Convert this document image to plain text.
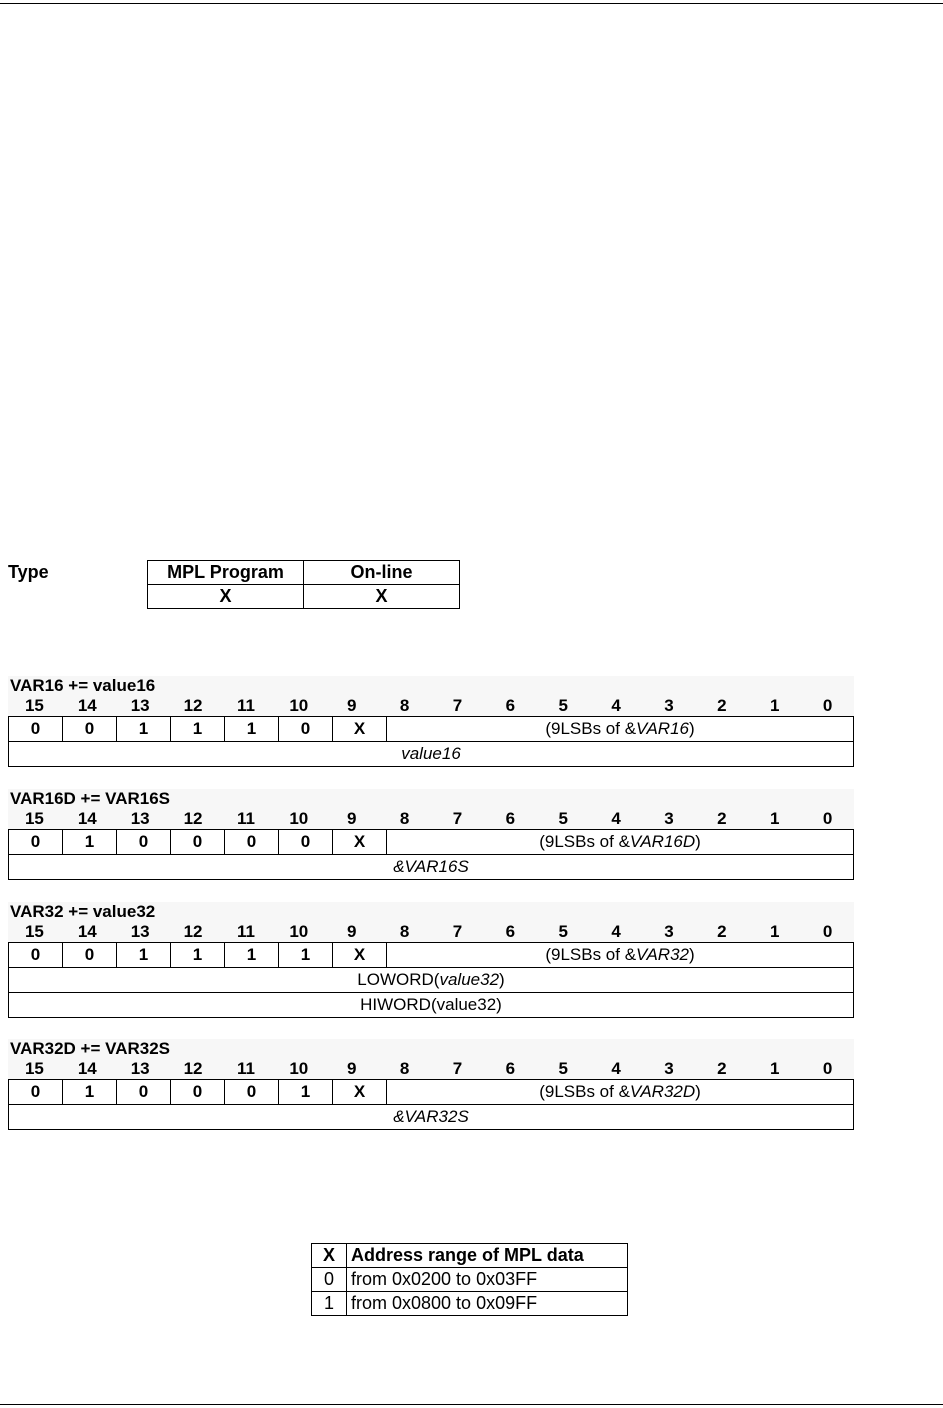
Type	MPL Program	On-line
X	X
VAR16 += value16
15	14	13	12	11	10	9	8	7	6	5	4	3	2	1	0
0	0	1	1	1	0	X	(9LSBs of &VAR16)
value16
VAR16D += VAR16S
15	14	13	12	11	10	9	8	7	6	5	4	3	2	1	0
0	1	0	0	0	0	X	(9LSBs of &VAR16D)
&VAR16S
VAR32 += value32
15	14	13	12	11	10	9	8	7	6	5	4	3	2	1	0
0	0	1	1	1	1	X	(9LSBs of &VAR32)
LOWORD(value32)
HIWORD(value32)
VAR32D += VAR32S
15	14	13	12	11	10	9	8	7	6	5	4	3	2	1	0
0	1	0	0	0	1	X	(9LSBs of &VAR32D)
&VAR32S
X	Address range of MPL data
0	from 0x0200 to 0x03FF
1	from 0x0800 to 0x09FF
